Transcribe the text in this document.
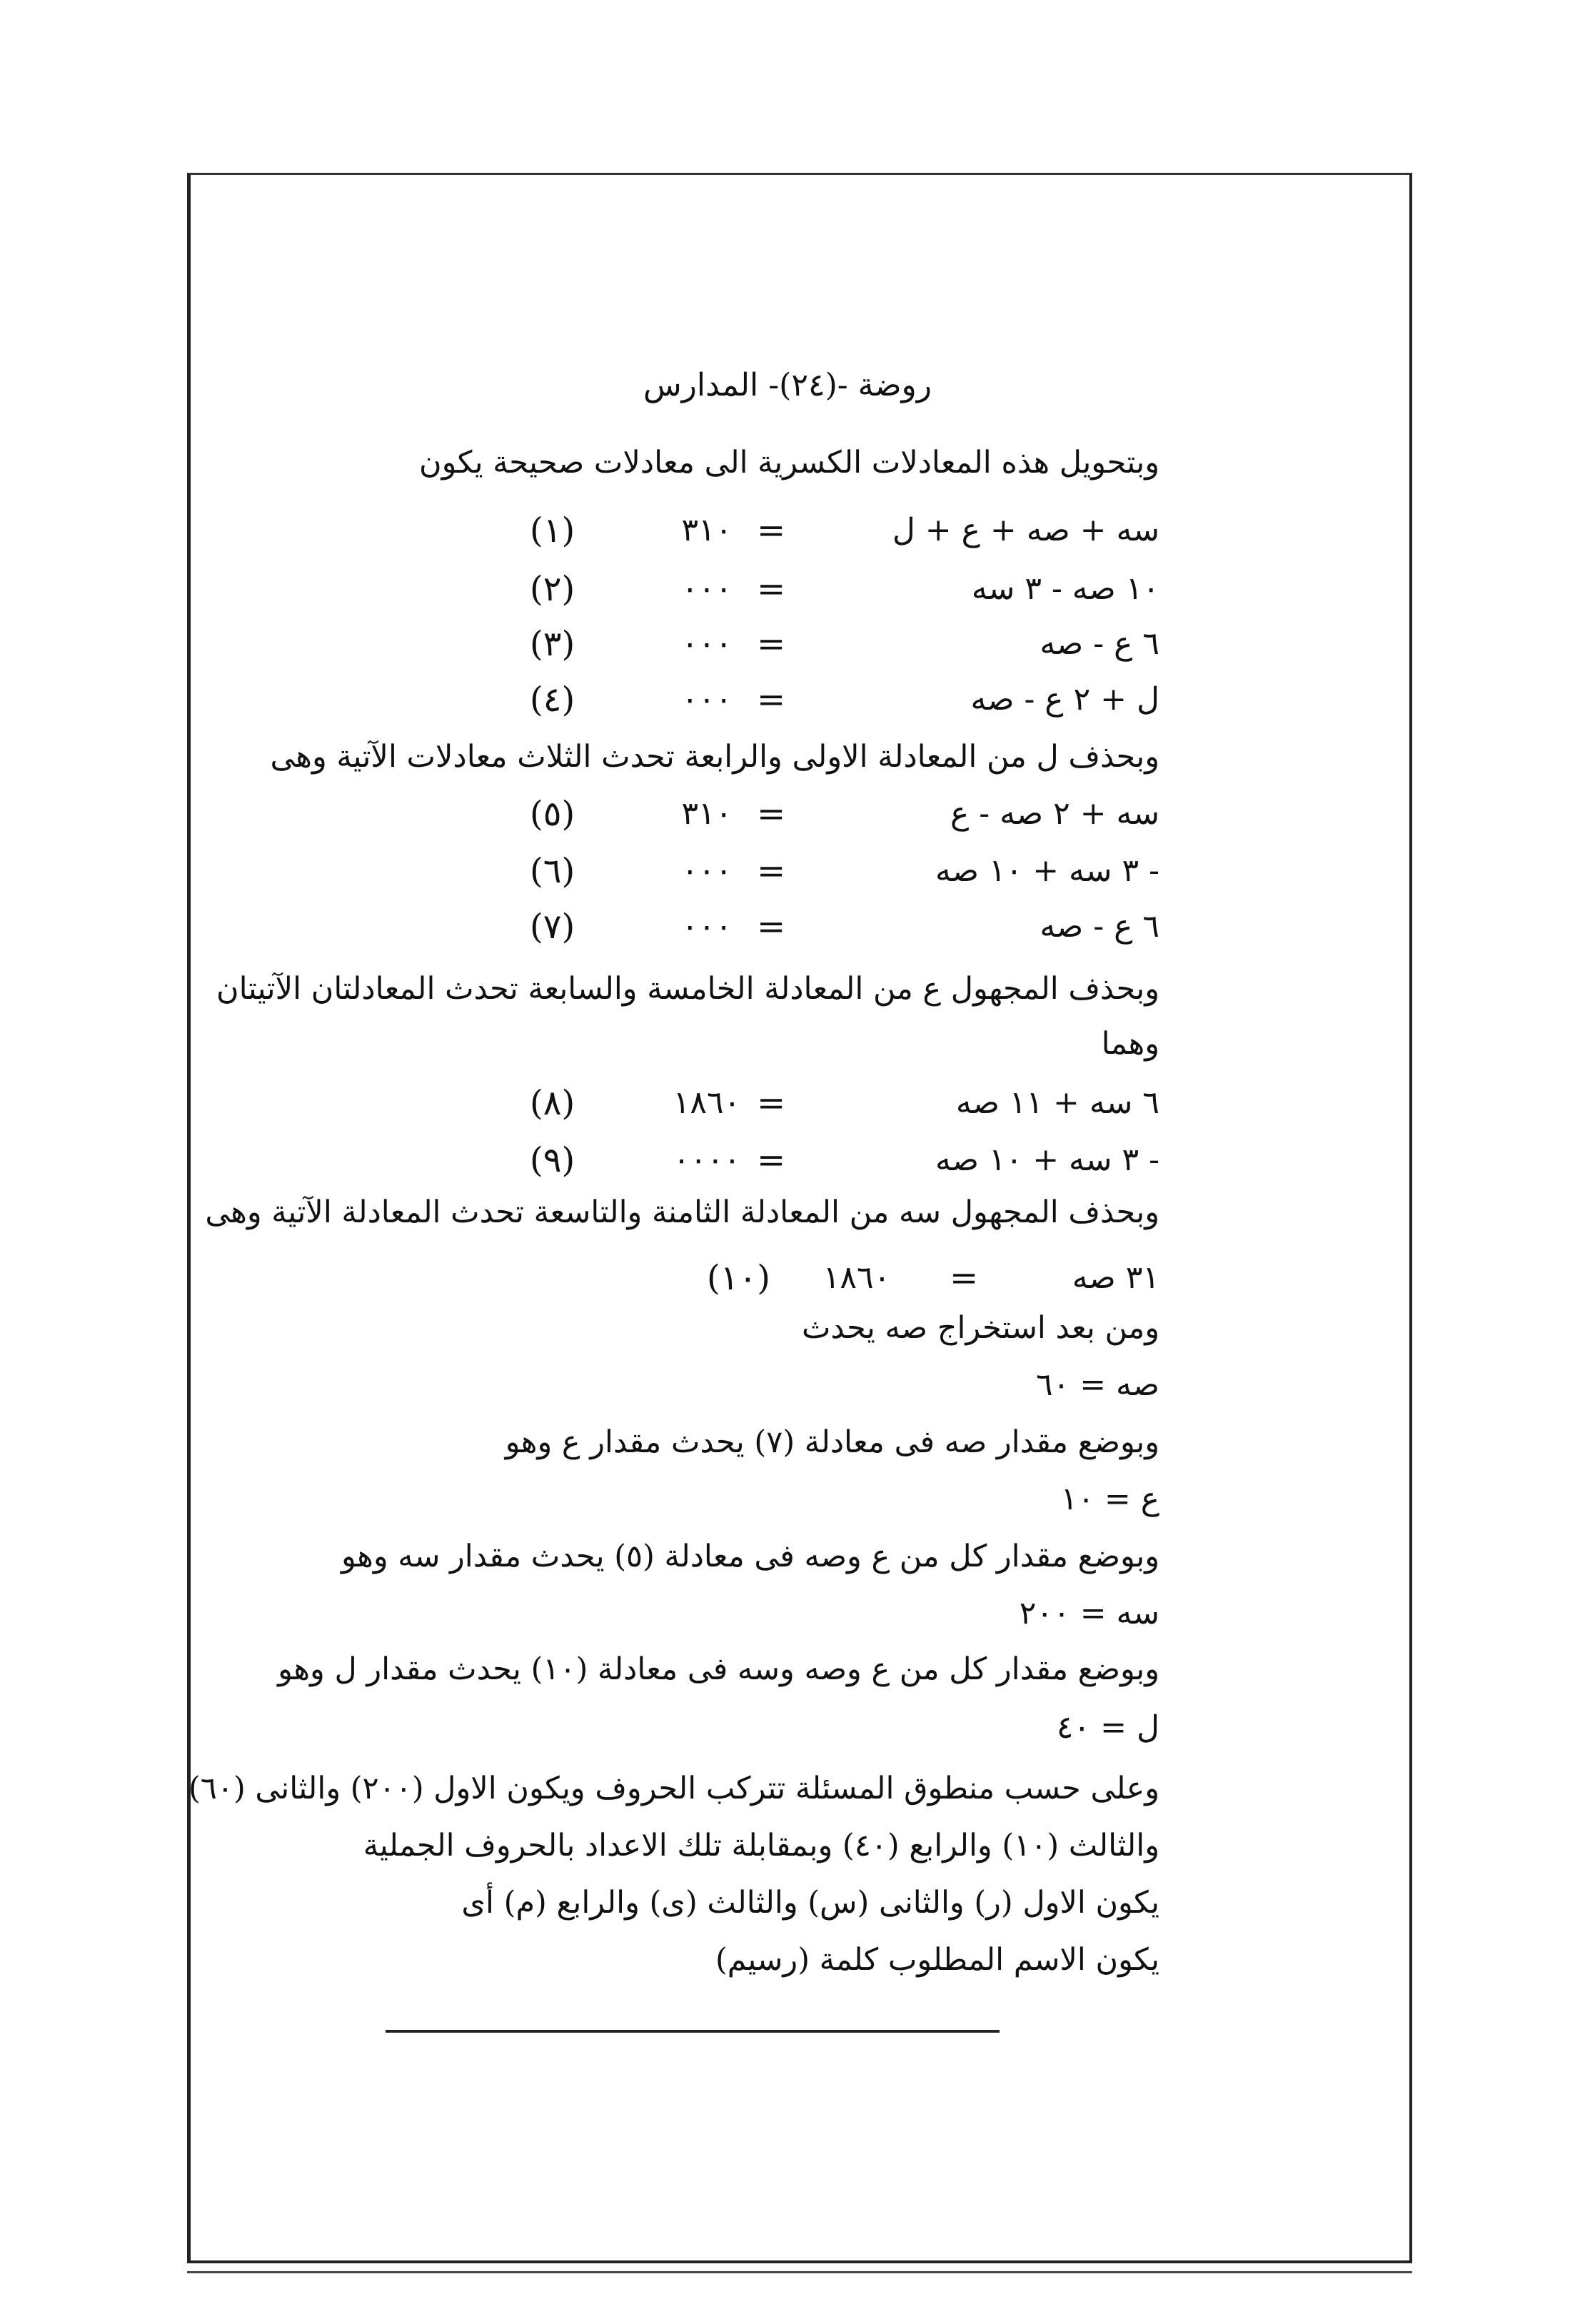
روضة -(٢٤)- المدارس
وبتحويل هذه المعادلات الكسرية الى معادلات صحيحة يكون
(١)	٣١٠ =	سه + صه + ع + ل
(٢)	٠٠٠ =	١٠ صه - ٣ سه
(٣)	٠٠٠ =	٦ ع - صه
(٤)	٠٠٠ =	ل + ٢ ع - صه
وبحذف ل من المعادلة الاولى والرابعة تحدث الثلاث معادلات الآتية وهى
(٥)	٣١٠ =	سه + ٢ صه - ع
(٦)	٠٠٠ =	- ٣ سه + ١٠ صه
(٧)	٠٠٠ =	٦ ع - صه
وبحذف المجهول ع من المعادلة الخامسة والسابعة تحدث المعادلتان الآتيتان
وهما
(٨)	١٨٦٠ =	٦ سه + ١١ صه
(٩)	٠٠٠٠ =	- ٣ سه + ١٠ صه
وبحذف المجهول سه من المعادلة الثامنة والتاسعة تحدث المعادلة الآتية وهى
(١٠)	١٨٦٠	=	٣١ صه
ومن بعد استخراج صه يحدث
صه = ٦٠
وبوضع مقدار صه فى معادلة (٧) يحدث مقدار ع وهو
ع = ١٠
وبوضع مقدار كل من ع وصه فى معادلة (٥) يحدث مقدار سه وهو
سه = ٢٠٠
وبوضع مقدار كل من ع وصه وسه فى معادلة (١٠) يحدث مقدار ل وهو
ل = ٤٠
وعلى حسب منطوق المسئلة تتركب الحروف ويكون الاول (٢٠٠) والثانى (٦٠)
والثالث (١٠) والرابع (٤٠) وبمقابلة تلك الاعداد بالحروف الجملية
يكون الاول (ر) والثانى (س) والثالث (ى) والرابع (م) أى
يكون الاسم المطلوب كلمة (رسيم)
